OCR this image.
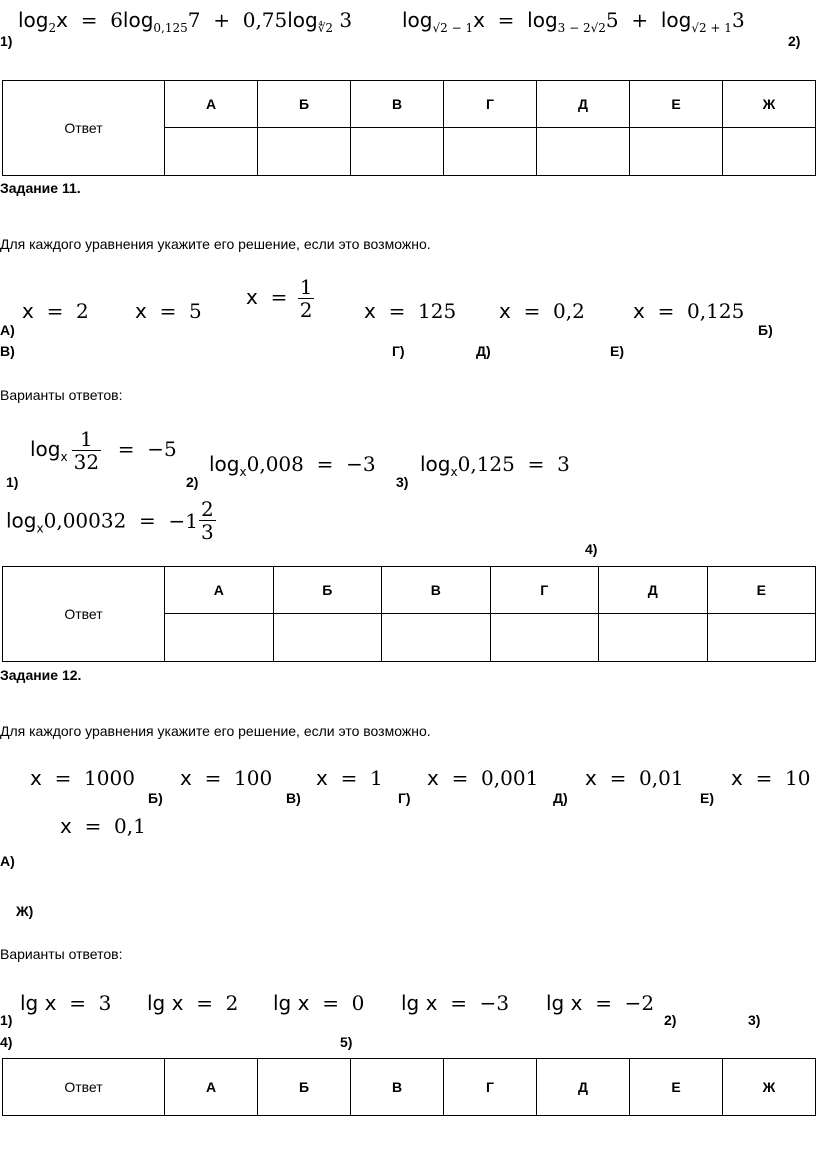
$\log_2x = 6\log_{0,125}7 + 0,75\log_{∜2}$ 3
1)
$\log_{√2 - 1}x = \log_{3 - 2√2}5 + \log_{√2 + 1}3$
2)
Ответ	А	Б	В	Г	Д	Е	Ж

Задание 11.
Для каждого уравнения укажите его решение, если это возможно.
x = 2 x = 5
$x = \frac{1}{2}$ x = 125 x = 0,2 x = 0,125
А)	Б)
В)	Г)	Д)	Е)
Варианты ответов:
$\log_x \frac{1}{32} = -5$
$\log_x0,008 = -3$ $\log_x0,125 = 3$
$\log_x0,00032 = -1 \frac{2}{3}$
1)	2)	3)
4)
Ответ	А	Б	В	Г	Д	Е

Задание 12.
Для каждого уравнения укажите его решение, если это возможно.
x = 1000 x = 100 x = 1 x = 0,001 x = 0,01 x = 10
x = 0,1
Б)	В)	Г)	Д)	Е)
А)
Ж)
Варианты ответов:
lg x = 3 lg x = 2 lg x = 0 lg x = −3 lg x = −2
1)	2)	3)
4)	5)
Ответ	А	Б	В	Г	Д	Е	Ж
